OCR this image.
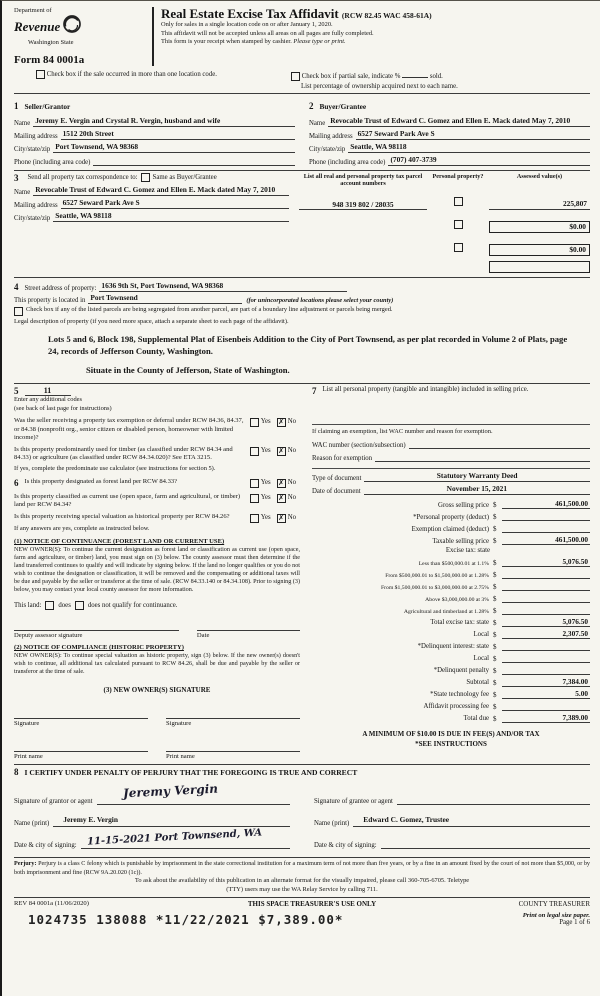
Department of
Revenue
Washington State
Form 84 0001a
Real Estate Excise Tax Affidavit (RCW 82.45 WAC 458-61A)
Only for sales in a single location code on or after January 1, 2020.
This affidavit will not be accepted unless all areas on all pages are fully completed.
This form is your receipt when stamped by cashier. Please type or print.
Check box if the sale occurred in more than one location code.	Check box if partial sale, indicate %	sold.
List percentage of ownership acquired next to each name.
1 Seller/Grantor
Name Jeremy E. Vergin and Crystal R. Vergin, husband and wife
Mailing address 1512 20th Street
City/state/zip Port Townsend, WA 98368
Phone (including area code)
2 Buyer/Grantee
Name Revocable Trust of Edward C. Gomez and Ellen E. Mack dated May 7, 2010
Mailing address 6527 Seward Park Ave S
City/state/zip Seattle, WA 98118
Phone (including area code) (707) 407-3739
3 Send all property tax correspondence to: Same as Buyer/Grantee
Name Revocable Trust of Edward C. Gomez and Ellen E. Mack dated May 7, 2010
Mailing address 6527 Seward Park Ave S
City/state/zip Seattle, WA 98118
List all real and personal property tax parcel account numbers
Personal property?	Assessed value(s)
948 319 802 / 28035	225,807
$0.00
$0.00
4 Street address of property: 1636 9th St, Port Townsend, WA 98368
This property is located in Port Townsend	(for unincorporated locations please select your county)
Check box if any of the listed parcels are being segregated from another parcel, are part of a boundary line adjustment or parcels being merged.
Legal description of property (if you need more space, attach a separate sheet to each page of the affidavit).
Lots 5 and 6, Block 198, Supplemental Plat of Eisenbeis Addition to the City of Port Townsend, as per plat recorded in Volume 2 of Plats, page 24, records of Jefferson County, Washington.
Situate in the County of Jefferson, State of Washington.
5	11
Enter any additional codes
(see back of last page for instructions)
Was the seller receiving a property tax exemption or deferral under RCW 84.36, 84.37, or 84.38 (nonprofit org., senior citizen or disabled person, homeowner with limited income)?
Yes ✗ No
Is this property predominantly used for timber (as classified under RCW 84.34 and 84.33) or agriculture (as classified under RCW 84.34.020)? See ETA 3215.
Yes ✗ No
If yes, complete the predominate use calculator (see instructions for section 5).
6 Is this property designated as forest land per RCW 84.33?	Yes ✗ No
Is this property classified as current use (open space, farm and agricultural, or timber) land per RCW 84.34?
Yes ✗ No
Is this property receiving special valuation as historical property per RCW 84.26?	Yes ✗ No
If any answers are yes, complete as instructed below.
(1) NOTICE OF CONTINUANCE (FOREST LAND OR CURRENT USE)
NEW OWNER(S): To continue the current designation as forest land or classification as current use (open space, farm and agriculture, or timber) land, you must sign on (3) below. The county assessor must then determine if the land transferred continues to qualify and will indicate by signing below. If the land no longer qualifies or you do not wish to continue the designation or classification, it will be removed and the compensating or additional taxes will be due and payable by the seller or transferor at the time of sale. (RCW 84.33.140 or 84.34.108). Prior to signing (3) below, you may contact your local county assessor for more information.
This land:	does	does not qualify for continuance.
Deputy assessor signature	Date
(2) NOTICE OF COMPLIANCE (HISTORIC PROPERTY)
NEW OWNER(S): To continue special valuation as historic property, sign (3) below. If the new owner(s) doesn't wish to continue, all additional tax calculated pursuant to RCW 84.26, shall be due and payable by the seller or transferor at the time of sale.
(3) NEW OWNER(S) SIGNATURE
Signature	Signature
Print name	Print name
7 List all personal property (tangible and intangible) included in selling price.
If claiming an exemption, list WAC number and reason for exemption.
WAC number (section/subsection)
Reason for exemption
Type of document	Statutory Warranty Deed
Date of document	November 15, 2021
Gross selling price $	461,500.00
*Personal property (deduct) $
Exemption claimed (deduct) $
Taxable selling price $	461,500.00
Excise tax: state
Less than $500,000.01 at 1.1% $	5,076.50
From $500,000.01 to $1,500,000.00 at 1.28% $
From $1,500,000.01 to $3,000,000.00 at 2.75% $
Above $3,000,000.00 at 3% $
Agricultural and timberland at 1.28% $
Total excise tax: state $	5,076.50
Local $	2,307.50
*Delinquent interest: state $
Local $
*Delinquent penalty $
Subtotal $	7,384.00
*State technology fee $	5.00
Affidavit processing fee $
Total due $	7,389.00
A MINIMUM OF $10.00 IS DUE IN FEE(S) AND/OR TAX
*SEE INSTRUCTIONS
8 I CERTIFY UNDER PENALTY OF PERJURY THAT THE FOREGOING IS TRUE AND CORRECT
Signature of grantor or agent
Jeremy Vergin
Name (print) Jeremy E. Vergin
Date & city of signing: 11-15-2021 Port Townsend, WA
Signature of grantee or agent
Name (print) Edward C. Gomez, Trustee
Date & city of signing:
Perjury: Perjury is a class C felony which is punishable by imprisonment in the state correctional institution for a maximum term of not more than five years, or by a fine in an amount fixed by the court of not more than $5,000, or by both imprisonment and fine (RCW 9A.20.020 (1c)).
To ask about the availability of this publication in an alternate format for the visually impaired, please call 360-705-6705. Teletype
(TTY) users may use the WA Relay Service by calling 711.
REV 84 0001a (11/06/2020)	THIS SPACE TREASURER'S USE ONLY	COUNTY TREASURER
1024735 138088 *11/22/2021 $7,389.00*	Print on legal size paper.
Page 1 of 6
